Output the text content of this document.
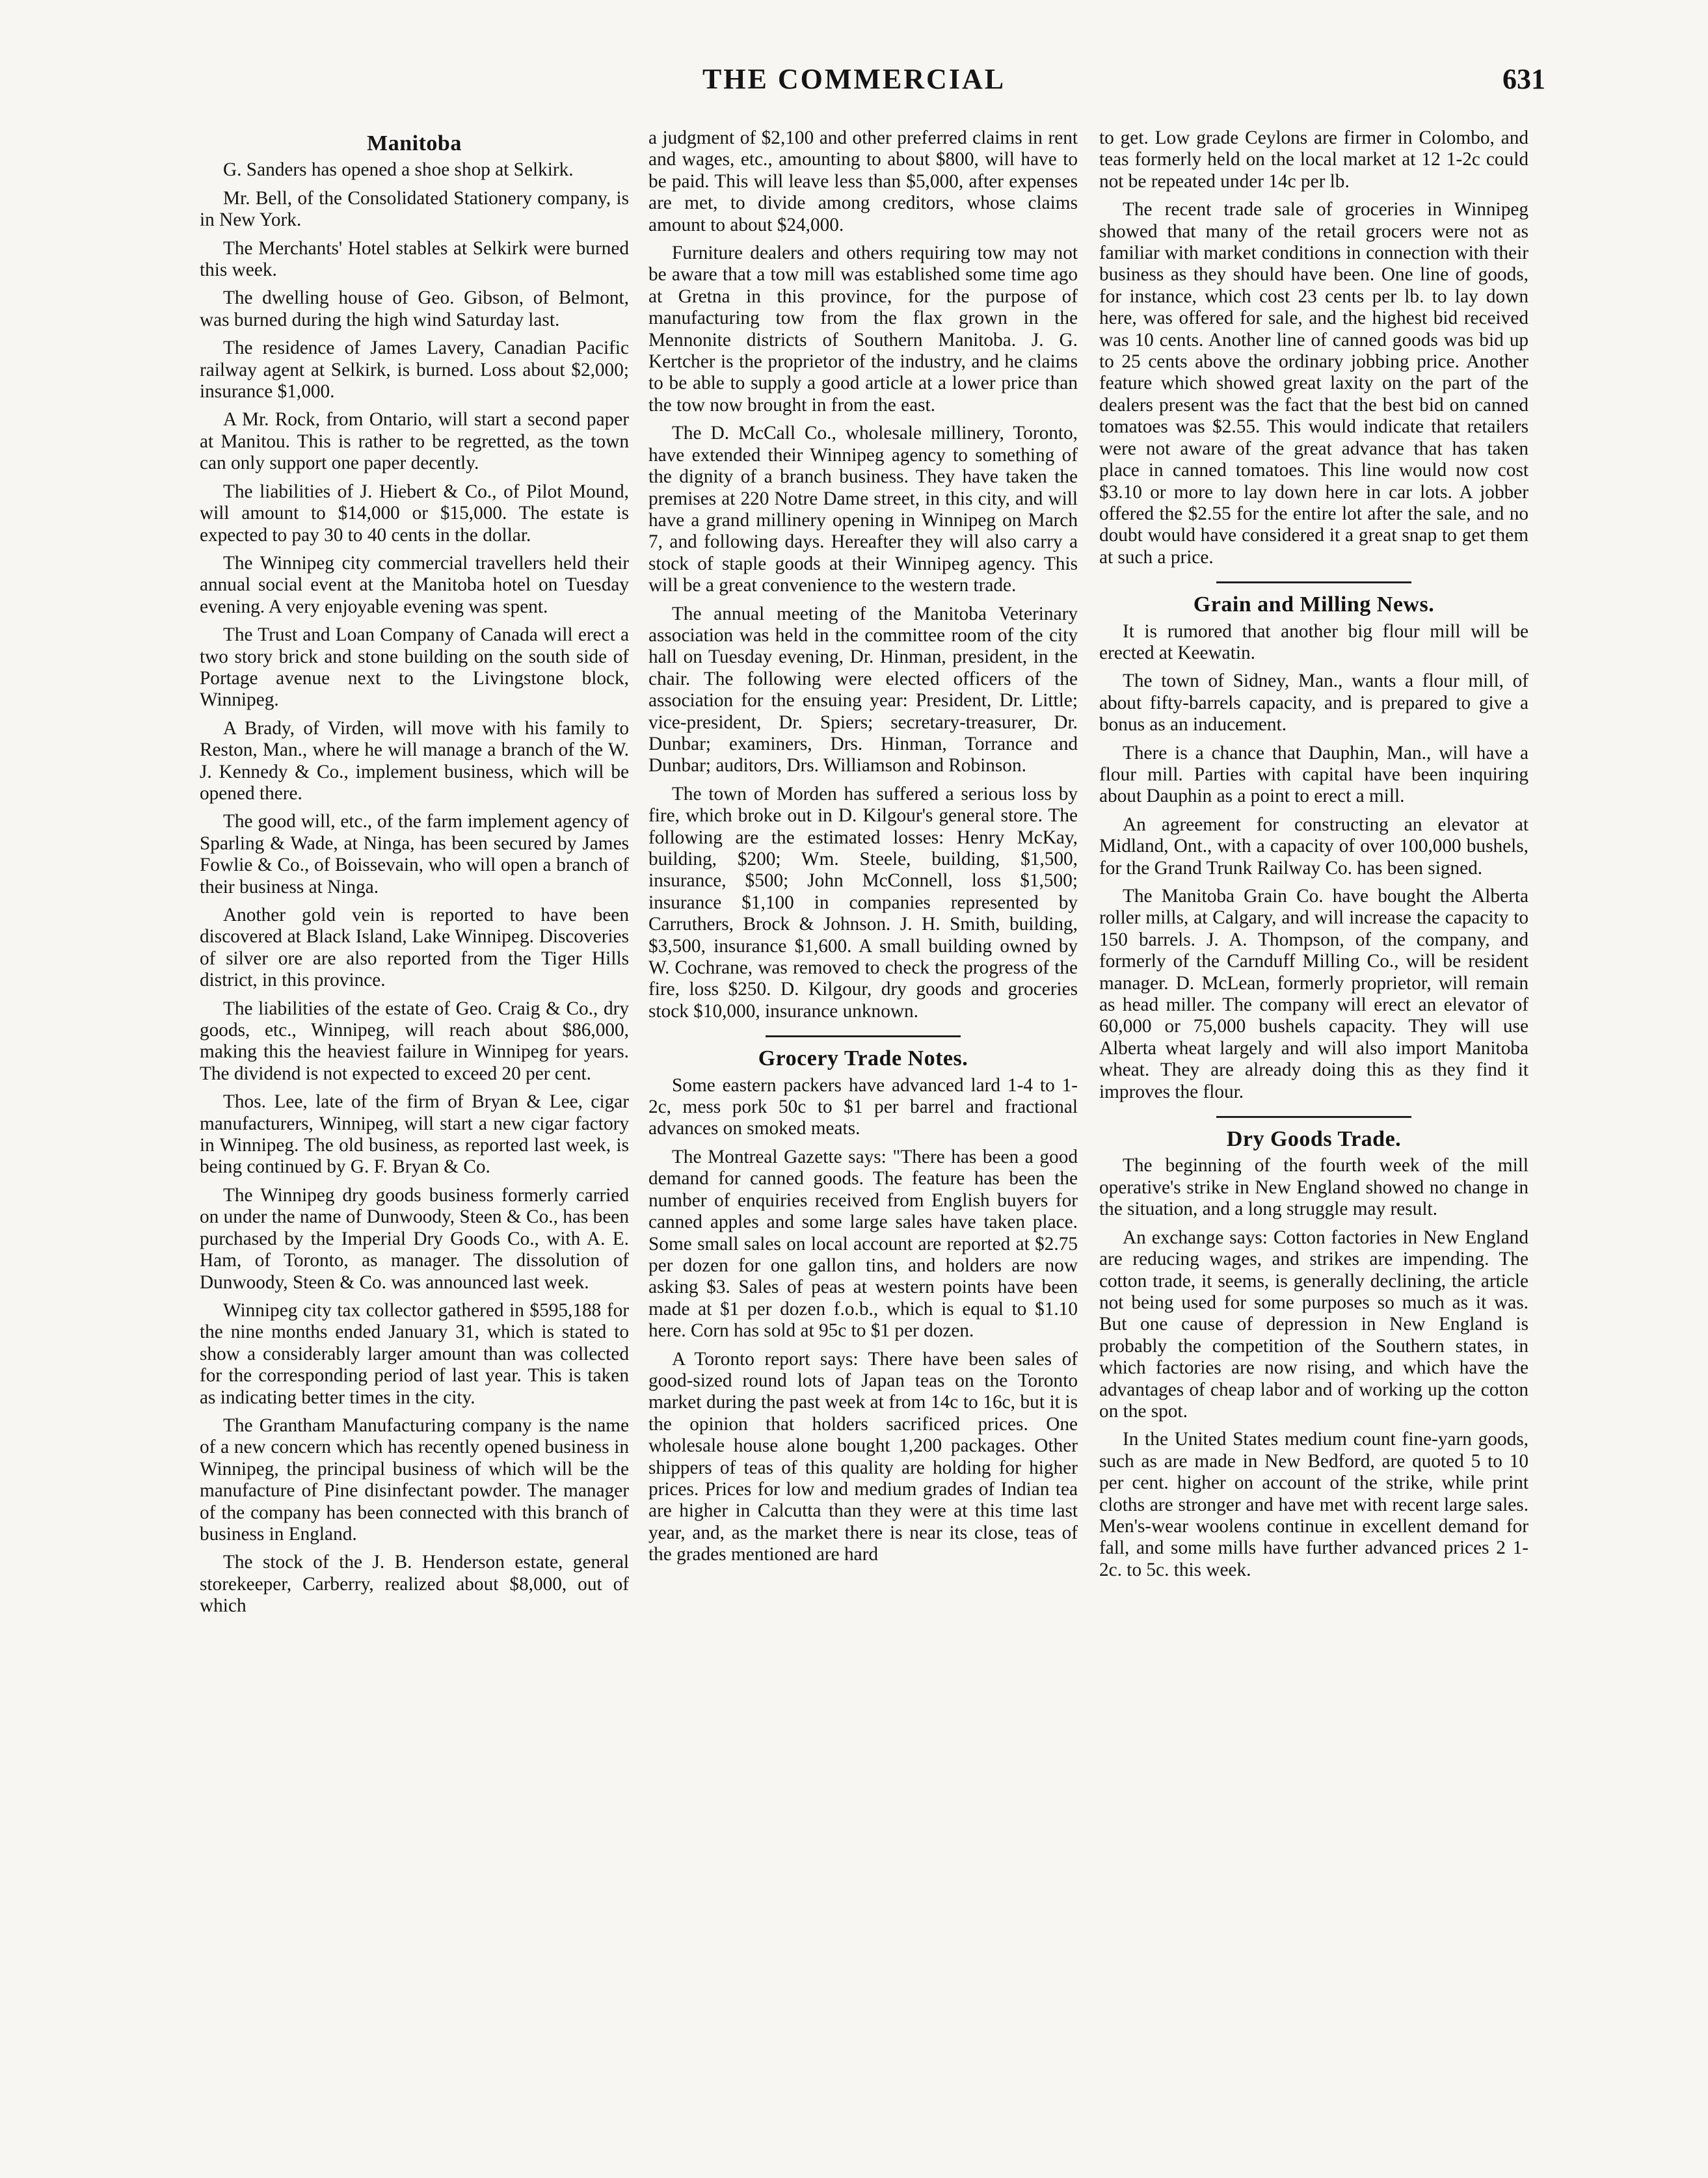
THE COMMERCIAL	631
Manitoba

G. Sanders has opened a shoe shop at Selkirk.

Mr. Bell, of the Consolidated Stationery company, is in New York.

The Merchants' Hotel stables at Selkirk were burned this week.

The dwelling house of Geo. Gibson, of Belmont, was burned during the high wind Saturday last.

The residence of James Lavery, Canadian Pacific railway agent at Selkirk, is burned. Loss about $2,000; insurance $1,000.

A Mr. Rock, from Ontario, will start a second paper at Manitou. This is rather to be regretted, as the town can only support one paper decently.

The liabilities of J. Hiebert & Co., of Pilot Mound, will amount to $14,000 or $15,000. The estate is expected to pay 30 to 40 cents in the dollar.

The Winnipeg city commercial travellers held their annual social event at the Manitoba hotel on Tuesday evening. A very enjoyable evening was spent.

The Trust and Loan Company of Canada will erect a two story brick and stone building on the south side of Portage avenue next to the Livingstone block, Winnipeg.

A Brady, of Virden, will move with his family to Reston, Man., where he will manage a branch of the W. J. Kennedy & Co., implement business, which will be opened there.

The good will, etc., of the farm implement agency of Sparling & Wade, at Ninga, has been secured by James Fowlie & Co., of Boissevain, who will open a branch of their business at Ninga.

Another gold vein is reported to have been discovered at Black Island, Lake Winnipeg. Discoveries of silver ore are also reported from the Tiger Hills district, in this province.

The liabilities of the estate of Geo. Craig & Co., dry goods, etc., Winnipeg, will reach about $86,000, making this the heaviest failure in Winnipeg for years. The dividend is not expected to exceed 20 per cent.

Thos. Lee, late of the firm of Bryan & Lee, cigar manufacturers, Winnipeg, will start a new cigar factory in Winnipeg. The old business, as reported last week, is being continued by G. F. Bryan & Co.

The Winnipeg dry goods business formerly carried on under the name of Dunwoody, Steen & Co., has been purchased by the Imperial Dry Goods Co., with A. E. Ham, of Toronto, as manager. The dissolution of Dunwoody, Steen & Co. was announced last week.

Winnipeg city tax collector gathered in $595,188 for the nine months ended January 31, which is stated to show a considerably larger amount than was collected for the corresponding period of last year. This is taken as indicating better times in the city.

The Grantham Manufacturing company is the name of a new concern which has recently opened business in Winnipeg, the principal business of which will be the manufacture of Pine disinfectant powder. The manager of the company has been connected with this branch of business in England.

The stock of the J. B. Henderson estate, general storekeeper, Carberry, realized about $8,000, out of which

a judgment of $2,100 and other preferred claims in rent and wages, etc., amounting to about $800, will have to be paid. This will leave less than $5,000, after expenses are met, to divide among creditors, whose claims amount to about $24,000.

Furniture dealers and others requiring tow may not be aware that a tow mill was established some time ago at Gretna in this province, for the purpose of manufacturing tow from the flax grown in the Mennonite districts of Southern Manitoba. J. G. Kertcher is the proprietor of the industry, and he claims to be able to supply a good article at a lower price than the tow now brought in from the east.

The D. McCall Co., wholesale millinery, Toronto, have extended their Winnipeg agency to something of the dignity of a branch business. They have taken the premises at 220 Notre Dame street, in this city, and will have a grand millinery opening in Winnipeg on March 7, and following days. Hereafter they will also carry a stock of staple goods at their Winnipeg agency. This will be a great convenience to the western trade.

The annual meeting of the Manitoba Veterinary association was held in the committee room of the city hall on Tuesday evening, Dr. Hinman, president, in the chair. The following were elected officers of the association for the ensuing year: President, Dr. Little; vice-president, Dr. Spiers; secretary-treasurer, Dr. Dunbar; examiners, Drs. Hinman, Torrance and Dunbar; auditors, Drs. Williamson and Robinson.

The town of Morden has suffered a serious loss by fire, which broke out in D. Kilgour's general store. The following are the estimated losses: Henry McKay, building, $200; Wm. Steele, building, $1,500, insurance, $500; John McConnell, loss $1,500; insurance $1,100 in companies represented by Carruthers, Brock & Johnson. J. H. Smith, building, $3,500, insurance $1,600. A small building owned by W. Cochrane, was removed to check the progress of the fire, loss $250. D. Kilgour, dry goods and groceries stock $10,000, insurance unknown.

Grocery Trade Notes.

Some eastern packers have advanced lard 1-4 to 1-2c, mess pork 50c to $1 per barrel and fractional advances on smoked meats.

The Montreal Gazette says: "There has been a good demand for canned goods. The feature has been the number of enquiries received from English buyers for canned apples and some large sales have taken place. Some small sales on local account are reported at $2.75 per dozen for one gallon tins, and holders are now asking $3. Sales of peas at western points have been made at $1 per dozen f.o.b., which is equal to $1.10 here. Corn has sold at 95c to $1 per dozen.

A Toronto report says: There have been sales of good-sized round lots of Japan teas on the Toronto market during the past week at from 14c to 16c, but it is the opinion that holders sacrificed prices. One wholesale house alone bought 1,200 packages. Other shippers of teas of this quality are holding for higher prices. Prices for low and medium grades of Indian tea are higher in Calcutta than they were at this time last year, and, as the market there is near its close, teas of the grades mentioned are hard

to get. Low grade Ceylons are firmer in Colombo, and teas formerly held on the local market at 12 1-2c could not be repeated under 14c per lb.

The recent trade sale of groceries in Winnipeg showed that many of the retail grocers were not as familiar with market conditions in connection with their business as they should have been. One line of goods, for instance, which cost 23 cents per lb. to lay down here, was offered for sale, and the highest bid received was 10 cents. Another line of canned goods was bid up to 25 cents above the ordinary jobbing price. Another feature which showed great laxity on the part of the dealers present was the fact that the best bid on canned tomatoes was $2.55. This would indicate that retailers were not aware of the great advance that has taken place in canned tomatoes. This line would now cost $3.10 or more to lay down here in car lots. A jobber offered the $2.55 for the entire lot after the sale, and no doubt would have considered it a great snap to get them at such a price.

Grain and Milling News.

It is rumored that another big flour mill will be erected at Keewatin.

The town of Sidney, Man., wants a flour mill, of about fifty-barrels capacity, and is prepared to give a bonus as an inducement.

There is a chance that Dauphin, Man., will have a flour mill. Parties with capital have been inquiring about Dauphin as a point to erect a mill.

An agreement for constructing an elevator at Midland, Ont., with a capacity of over 100,000 bushels, for the Grand Trunk Railway Co. has been signed.

The Manitoba Grain Co. have bought the Alberta roller mills, at Calgary, and will increase the capacity to 150 barrels. J. A. Thompson, of the company, and formerly of the Carnduff Milling Co., will be resident manager. D. McLean, formerly proprietor, will remain as head miller. The company will erect an elevator of 60,000 or 75,000 bushels capacity. They will use Alberta wheat largely and will also import Manitoba wheat. They are already doing this as they find it improves the flour.

Dry Goods Trade.

The beginning of the fourth week of the mill operative's strike in New England showed no change in the situation, and a long struggle may result.

An exchange says: Cotton factories in New England are reducing wages, and strikes are impending. The cotton trade, it seems, is generally declining, the article not being used for some purposes so much as it was. But one cause of depression in New England is probably the competition of the Southern states, in which factories are now rising, and which have the advantages of cheap labor and of working up the cotton on the spot.

In the United States medium count fine-yarn goods, such as are made in New Bedford, are quoted 5 to 10 per cent. higher on account of the strike, while print cloths are stronger and have met with recent large sales. Men's-wear woolens continue in excellent demand for fall, and some mills have further advanced prices 2 1-2c. to 5c. this week.
